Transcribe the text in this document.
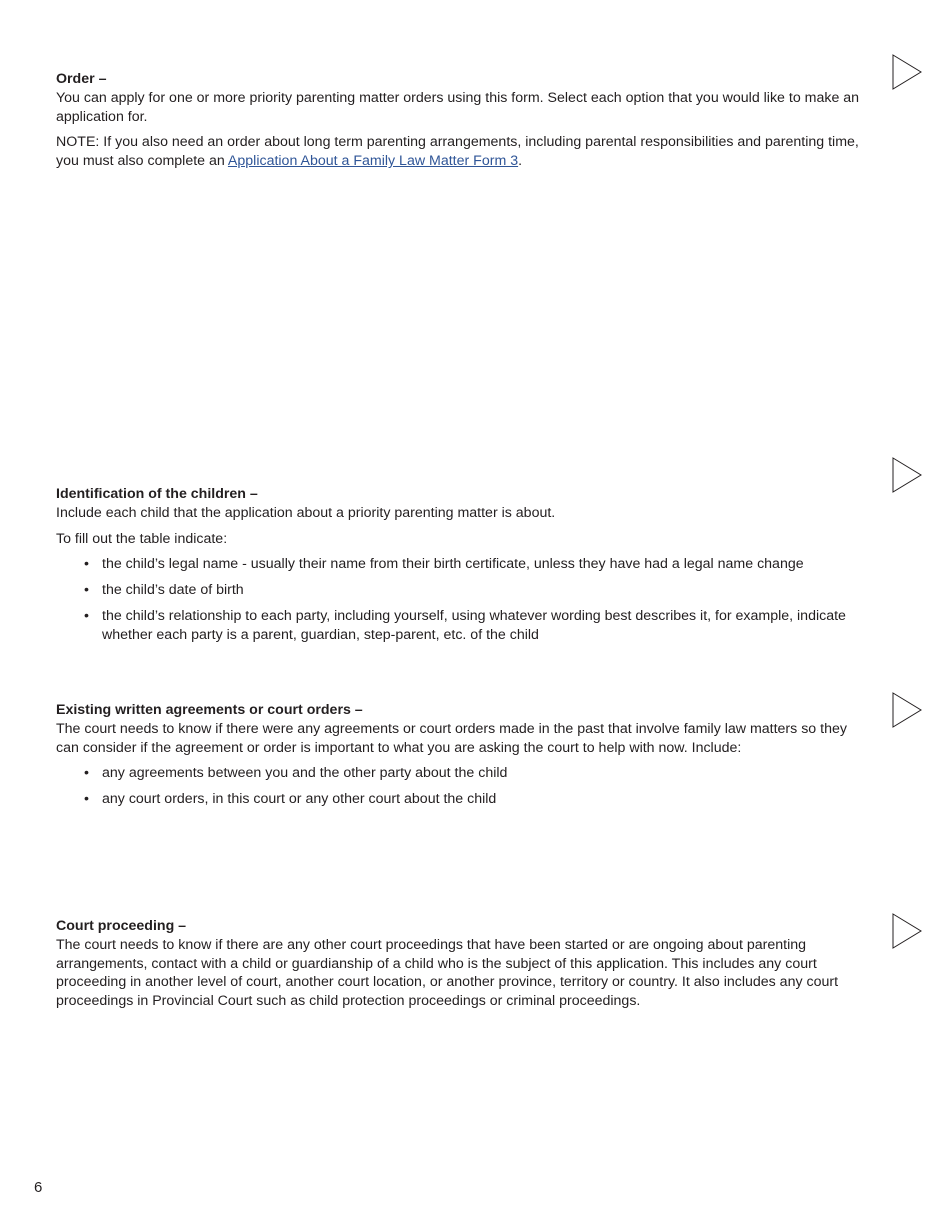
Order –

You can apply for one or more priority parenting matter orders using this form. Select each option that you would like to make an application for.

NOTE: If you also need an order about long term parenting arrangements, including parental responsibilities and parenting time, you must also complete an Application About a Family Law Matter Form 3.

Identification of the children –

Include each child that the application about a priority parenting matter is about.

To fill out the table indicate:

• the child’s legal name - usually their name from their birth certificate, unless they have had a legal name change
• the child’s date of birth
• the child’s relationship to each party, including yourself, using whatever wording best describes it, for example, indicate whether each party is a parent, guardian, step-parent, etc. of the child

Existing written agreements or court orders –

The court needs to know if there were any agreements or court orders made in the past that involve family law matters so they can consider if the agreement or order is important to what you are asking the court to help with now. Include:

• any agreements between you and the other party about the child
• any court orders, in this court or any other court about the child

Court proceeding –

The court needs to know if there are any other court proceedings that have been started or are ongoing about parenting arrangements, contact with a child or guardianship of a child who is the subject of this application. This includes any court proceeding in another level of court, another court location, or another province, territory or country. It also includes any court proceedings in Provincial Court such as child protection proceedings or criminal proceedings.

6
